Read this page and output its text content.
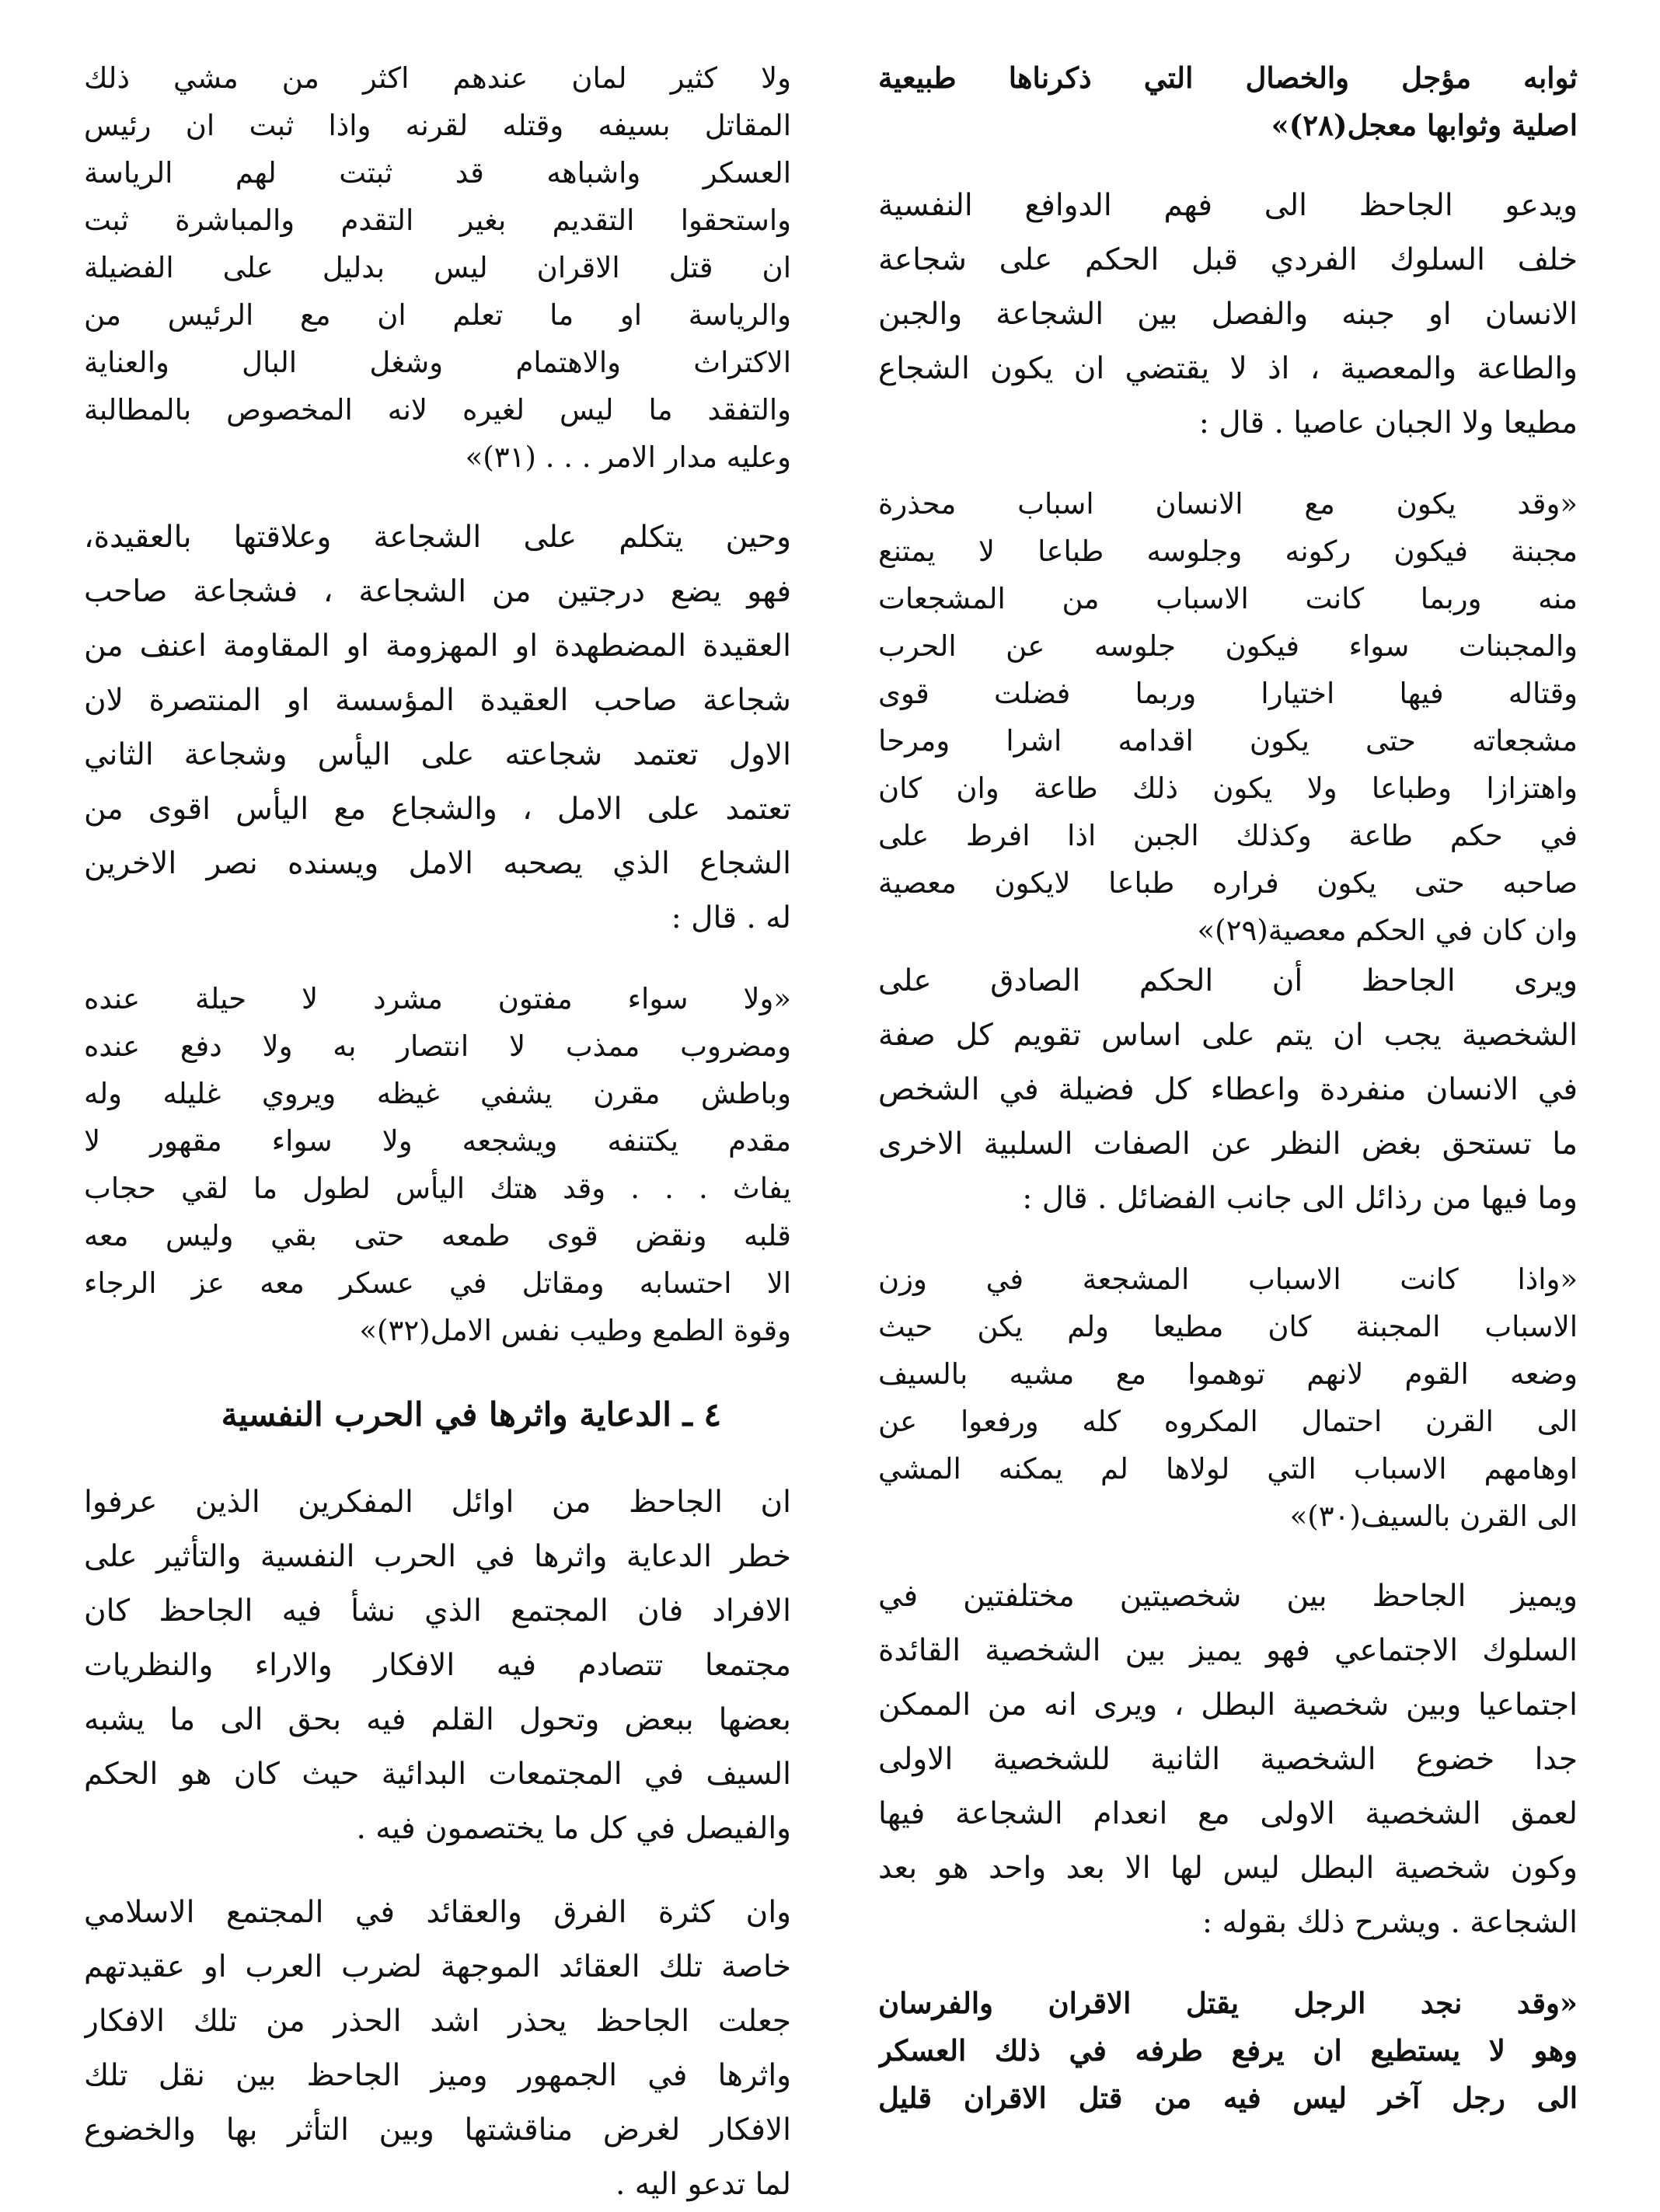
ثوابه مؤجل والخصال التي ذكرناها طبيعية
اصلية وثوابها معجل(٢٨)»
ويدعو الجاحظ الى فهم الدوافع النفسية
خلف السلوك الفردي قبل الحكم على شجاعة
الانسان او جبنه والفصل بين الشجاعة والجبن
والطاعة والمعصية ، اذ لا يقتضي ان يكون الشجاع
مطيعا ولا الجبان عاصيا . قال :
«وقد يكون مع الانسان اسباب محذرة
مجبنة فيكون ركونه وجلوسه طباعا لا يمتنع
منه وربما كانت الاسباب من المشجعات
والمجبنات سواء فيكون جلوسه عن الحرب
وقتاله فيها اختيارا وربما فضلت قوى
مشجعاته حتى يكون اقدامه اشرا ومرحا
واهتزازا وطباعا ولا يكون ذلك طاعة وان كان
في حكم طاعة وكذلك الجبن اذا افرط على
صاحبه حتى يكون فراره طباعا لايكون معصية
وان كان في الحكم معصية(٢٩)»
ويرى الجاحظ أن الحكم الصادق على
الشخصية يجب ان يتم على اساس تقويم كل صفة
في الانسان منفردة واعطاء كل فضيلة في الشخص
ما تستحق بغض النظر عن الصفات السلبية الاخرى
وما فيها من رذائل الى جانب الفضائل . قال :
«واذا كانت الاسباب المشجعة في وزن
الاسباب المجبنة كان مطيعا ولم يكن حيث
وضعه القوم لانهم توهموا مع مشيه بالسيف
الى القرن احتمال المكروه كله ورفعوا عن
اوهامهم الاسباب التي لولاها لم يمكنه المشي
الى القرن بالسيف(٣٠)»
ويميز الجاحظ بين شخصيتين مختلفتين في
السلوك الاجتماعي فهو يميز بين الشخصية القائدة
اجتماعيا وبين شخصية البطل ، ويرى انه من الممكن
جدا خضوع الشخصية الثانية للشخصية الاولى
لعمق الشخصية الاولى مع انعدام الشجاعة فيها
وكون شخصية البطل ليس لها الا بعد واحد هو بعد
الشجاعة . ويشرح ذلك بقوله :
«وقد نجد الرجل يقتل الاقران والفرسان
وهو لا يستطيع ان يرفع طرفه في ذلك العسكر
الى رجل آخر ليس فيه من قتل الاقران قليل
ولا كثير لمان عندهم اكثر من مشي ذلك
المقاتل بسيفه وقتله لقرنه واذا ثبت ان رئيس
العسكر واشباهه قد ثبتت لهم الرياسة
واستحقوا التقديم بغير التقدم والمباشرة ثبت
ان قتل الاقران ليس بدليل على الفضيلة
والرياسة او ما تعلم ان مع الرئيس من
الاكتراث والاهتمام وشغل البال والعناية
والتفقد ما ليس لغيره لانه المخصوص بالمطالبة
وعليه مدار الامر . . . (٣١)»
وحين يتكلم على الشجاعة وعلاقتها بالعقيدة،
فهو يضع درجتين من الشجاعة ، فشجاعة صاحب
العقيدة المضطهدة او المهزومة او المقاومة اعنف من
شجاعة صاحب العقيدة المؤسسة او المنتصرة لان
الاول تعتمد شجاعته على اليأس وشجاعة الثاني
تعتمد على الامل ، والشجاع مع اليأس اقوى من
الشجاع الذي يصحبه الامل ويسنده نصر الاخرين
له . قال :
«ولا سواء مفتون مشرد لا حيلة عنده
ومضروب ممذب لا انتصار به ولا دفع عنده
وباطش مقرن يشفي غيظه ويروي غليله وله
مقدم يكتنفه ويشجعه ولا سواء مقهور لا
يفاث . . . وقد هتك اليأس لطول ما لقي حجاب
قلبه ونقض قوى طمعه حتى بقي وليس معه
الا احتسابه ومقاتل في عسكر معه عز الرجاء
وقوة الطمع وطيب نفس الامل(٣٢)»
٤ ـ الدعاية واثرها في الحرب النفسية
ان الجاحظ من اوائل المفكرين الذين عرفوا
خطر الدعاية واثرها في الحرب النفسية والتأثير على
الافراد فان المجتمع الذي نشأ فيه الجاحظ كان
مجتمعا تتصادم فيه الافكار والاراء والنظريات
بعضها ببعض وتحول القلم فيه بحق الى ما يشبه
السيف في المجتمعات البدائية حيث كان هو الحكم
والفيصل في كل ما يختصمون فيه .
وان كثرة الفرق والعقائد في المجتمع الاسلامي
خاصة تلك العقائد الموجهة لضرب العرب او عقيدتهم
جعلت الجاحظ يحذر اشد الحذر من تلك الافكار
واثرها في الجمهور وميز الجاحظ بين نقل تلك
الافكار لغرض مناقشتها وبين التأثر بها والخضوع
لما تدعو اليه .
